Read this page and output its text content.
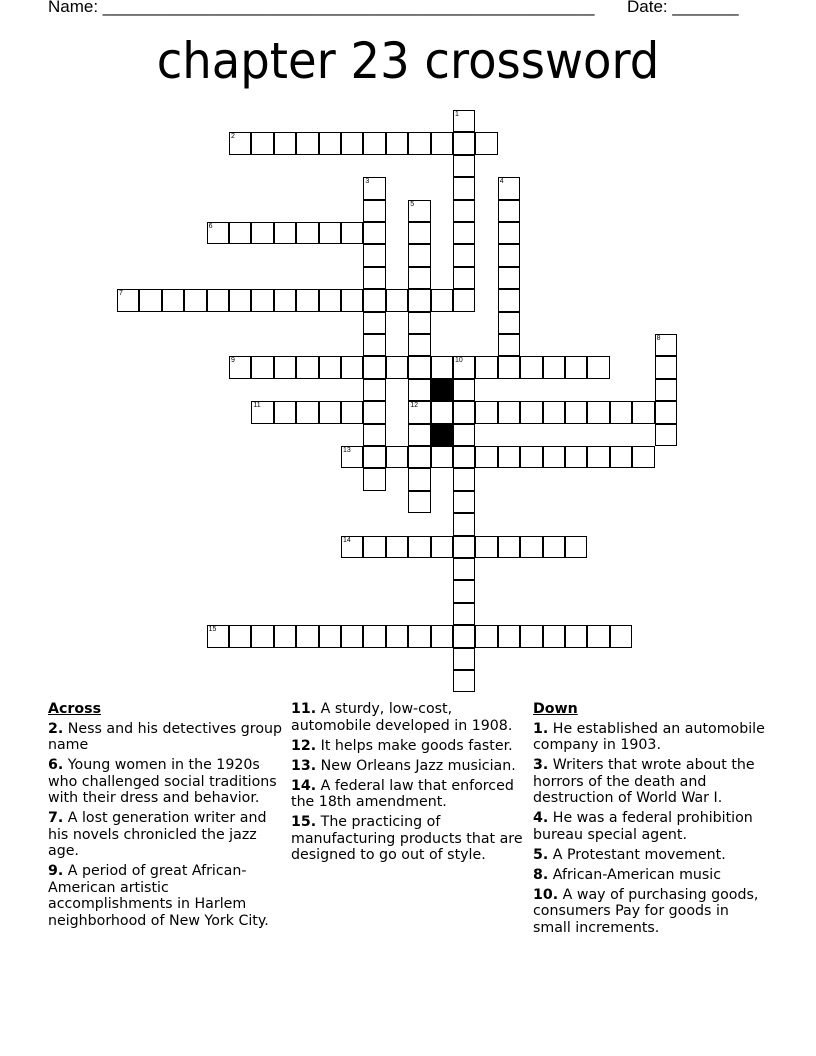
Name: ____________________________________________________ Date: _______
chapter 23 crossword
1
2
3	4
5
12
6
7
8
9	10
11
13
14
15
Across
2. Ness and his detectives group name
6. Young women in the 1920s who challenged social traditions with their dress and behavior.
7. A lost generation writer and his novels chronicled the jazz age.
9. A period of great African-American artistic accomplishments in Harlem neighborhood of New York City.
11. A sturdy, low-cost, automobile developed in 1908.
12. It helps make goods faster.
13. New Orleans Jazz musician.
14. A federal law that enforced the 18th amendment.
15. The practicing of manufacturing products that are designed to go out of style.
Down
1. He established an automobile company in 1903.
3. Writers that wrote about the horrors of the death and destruction of World War I.
4. He was a federal prohibition bureau special agent.
5. A Protestant movement.
8. African-American music
10. A way of purchasing goods, consumers Pay for goods in small increments.
